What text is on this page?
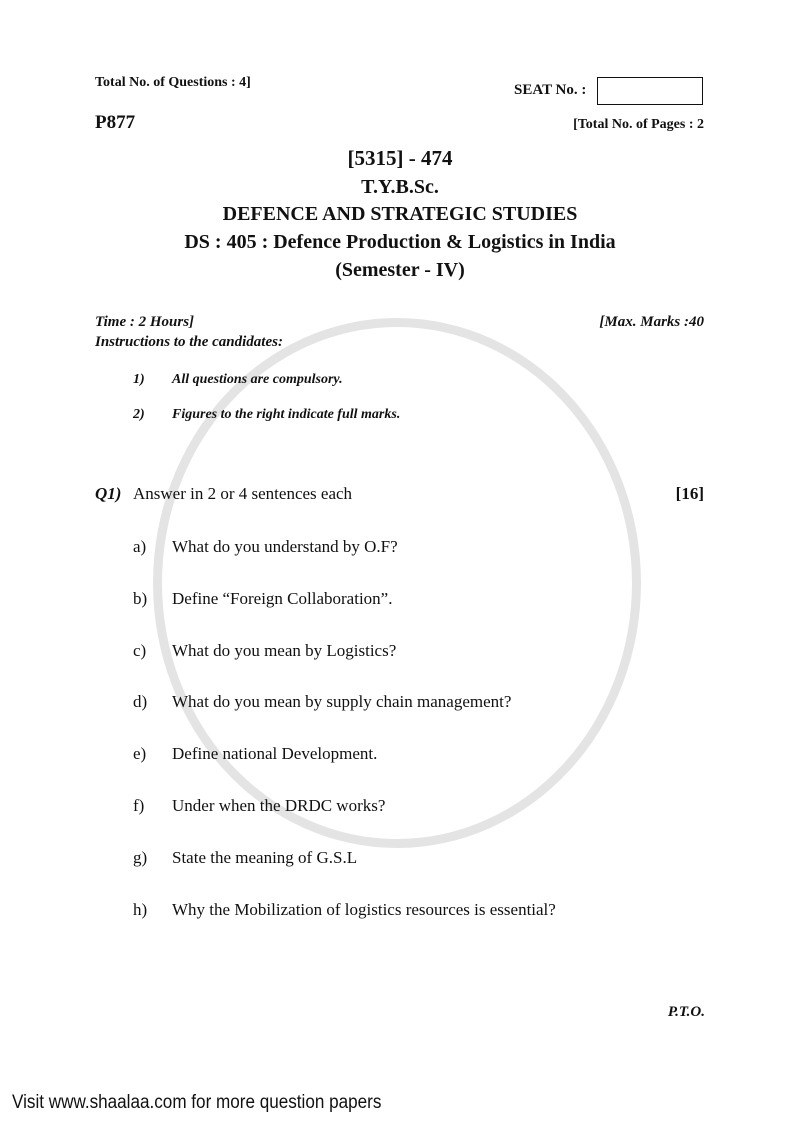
Total No. of Questions : 4]	SEAT No. :
P877	[Total No. of Pages : 2
[5315] - 474
T.Y.B.Sc.
DEFENCE AND STRATEGIC STUDIES
DS : 405 : Defence Production & Logistics in India
(Semester - IV)
Time : 2 Hours]	[Max. Marks :40
Instructions to the candidates:
1) All questions are compulsory.
2) Figures to the right indicate full marks.
Q1) Answer in 2 or 4 sentences each	[16]
a) What do you understand by O.F?
b) Define “Foreign Collaboration”.
c) What do you mean by Logistics?
d) What do you mean by supply chain management?
e) Define national Development.
f) Under when the DRDC works?
g) State the meaning of G.S.L
h) Why the Mobilization of logistics resources is essential?
P.T.O.
Visit www.shaalaa.com for more question papers
